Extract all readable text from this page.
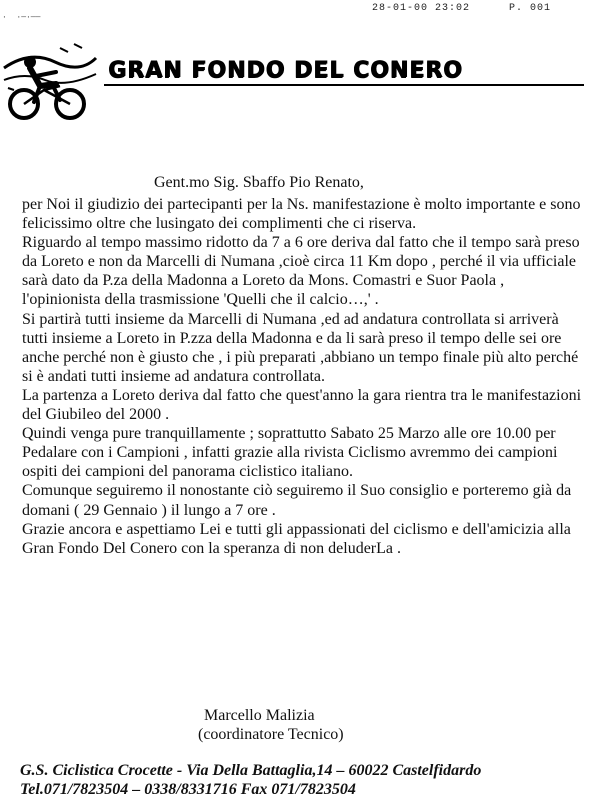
28-01-00 23:02	P. 001
·  ·—·——
GRAN FONDO DEL CONERO
Gent.mo Sig. Sbaffo Pio Renato,

per Noi il giudizio dei partecipanti per la Ns. manifestazione è molto importante e sono felicissimo oltre che lusingato dei complimenti che ci riserva.

Riguardo al tempo massimo ridotto da 7 a 6 ore deriva dal fatto che il tempo sarà preso da Loreto e non da Marcelli di Numana ,cioè circa 11 Km dopo , perché il via ufficiale sarà dato da P.za della Madonna a Loreto da Mons. Comastri e Suor Paola , l'opinionista della trasmissione 'Quelli che il calcio…,' .

Si partirà tutti insieme da Marcelli di Numana ,ed ad andatura controllata si arriverà tutti insieme a Loreto in P.zza della Madonna e da li sarà preso il tempo delle sei ore anche perché non è giusto che , i più preparati ,abbiano un tempo finale più alto perché si è andati tutti insieme ad andatura controllata.

La partenza a Loreto deriva dal fatto che quest'anno la gara rientra tra le manifestazioni del Giubileo del 2000 .

Quindi venga pure tranquillamente ; soprattutto Sabato 25 Marzo alle ore 10.00 per Pedalare con i Campioni , infatti grazie alla rivista Ciclismo avremmo dei campioni ospiti dei campioni del panorama ciclistico italiano.

Comunque seguiremo il nonostante ciò seguiremo il Suo consiglio e porteremo già da domani ( 29 Gennaio ) il lungo a 7 ore .

Grazie ancora e aspettiamo Lei e tutti gli appassionati del ciclismo e dell'amicizia alla Gran Fondo Del Conero con la speranza di non deluderLa .

Marcello Malizia
(coordinatore Tecnico)
G.S. Ciclistica Crocette - Via Della Battaglia,14 – 60022 Castelfidardo
Tel.071/7823504 – 0338/8331716 Fax 071/7823504
